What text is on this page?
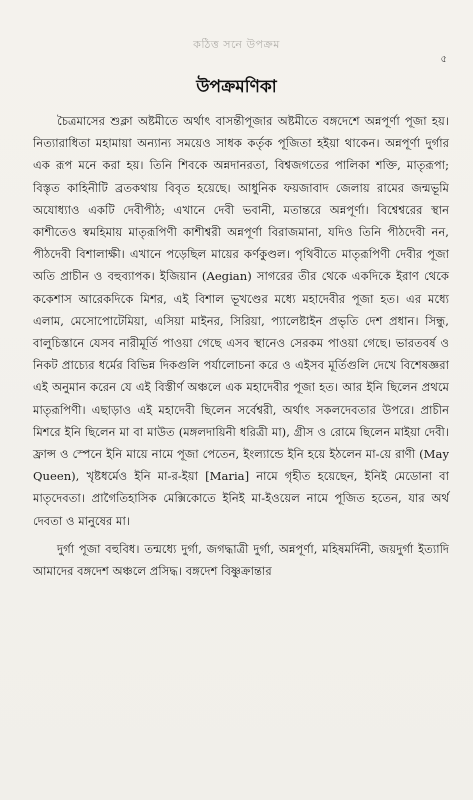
কঠিত্ত সনে উপক্রম
৫
উপক্রমণিকা

চৈত্রমাসের শুক্লা অষ্টমীতে অর্থাৎ বাসন্তীপূজার অষ্টমীতে বঙ্গদেশে অন্নপূর্ণা পূজা হয়। নিত্যারাধিতা মহামায়া অন্যান্য সময়েও সাধক কর্তৃক পূজিতা হইয়া থাকেন। অন্নপূর্ণা দুর্গার এক রূপ মনে করা হয়। তিনি শিবকে অন্নদানরতা, বিশ্বজগতের পালিকা শক্তি, মাতৃরূপা; বিস্তৃত কাহিনীটি ব্রতকথায় বিবৃত হয়েছে। আধুনিক ফয়জাবাদ জেলায় রামের জন্মভূমি অযোধ্যাও একটি দেবীপীঠ; এখানে দেবী ভবানী, মতান্তরে অন্নপূর্ণা। বিশ্বেশ্বরের স্থান কাশীতেও স্বমহিমায় মাতৃরূপিণী কাশীশ্বরী অন্নপূর্ণা বিরাজমানা, যদিও তিনি পীঠদেবী নন, পীঠদেবী বিশালাক্ষী। এখানে পড়েছিল মায়ের কর্ণকুণ্ডল। পৃথিবীতে মাতৃরূপিণী দেবীর পূজা অতি প্রাচীন ও বহুব্যাপক। ইজিয়ান (Aegian) সাগরের তীর থেকে একদিকে ইরাণ থেকে ককেশাস আরেকদিকে মিশর, এই বিশাল ভূখণ্ডের মধ্যে মহাদেবীর পূজা হত। এর মধ্যে এলাম, মেসোপোটেমিয়া, এসিয়া মাইনর, সিরিয়া, প্যালেষ্টাইন প্রভৃতি দেশ প্রধান। সিন্ধু, বালুচিস্তানে যেসব নারীমূর্তি পাওয়া গেছে এসব স্থানেও সেরকম পাওয়া গেছে। ভারতবর্ষ ও নিকট প্রাচ্যের ধর্মের বিভিন্ন দিকগুলি পর্যালোচনা করে ও এইসব মূর্তিগুলি দেখে বিশেষজ্ঞরা এই অনুমান করেন যে এই বিস্তীর্ণ অঞ্চলে এক মহাদেবীর পূজা হত। আর ইনি ছিলেন প্রথমে মাতৃরূপিণী। এছাড়াও এই মহাদেবী ছিলেন সর্বেশ্বরী, অর্থাৎ সকলদেবতার উপরে। প্রাচীন মিশরে ইনি ছিলেন মা বা মাউত (মঙ্গলদায়িনী ধরিত্রী মা), গ্রীস ও রোমে ছিলেন মাইয়া দেবী। ফ্রান্স ও স্পেনে ইনি মায়ে নামে পূজা পেতেন, ইংল্যান্ডে ইনি হয়ে ইঠলেন মা-য়ে রাণী (May Queen), খৃষ্টধর্মেও ইনি মা-র-ইয়া [Maria] নামে গৃহীত হয়েছেন, ইনিই মেডোনা বা মাতৃদেবতা। প্রাগৈতিহাসিক মেক্সিকোতে ইনিই মা-ইওয়েল নামে পূজিত হতেন, যার অর্থ দেবতা ও মানুষের মা।

দুর্গা পূজা বহুবিধ। তন্মধ্যে দুর্গা, জগদ্ধাত্রী দুর্গা, অন্নপূর্ণা, মহিষমর্দিনী, জয়দুর্গা ইত্যাদি আমাদের বঙ্গদেশ অঞ্চলে প্রসিদ্ধ। বঙ্গদেশ বিষ্ণুক্রান্তার
